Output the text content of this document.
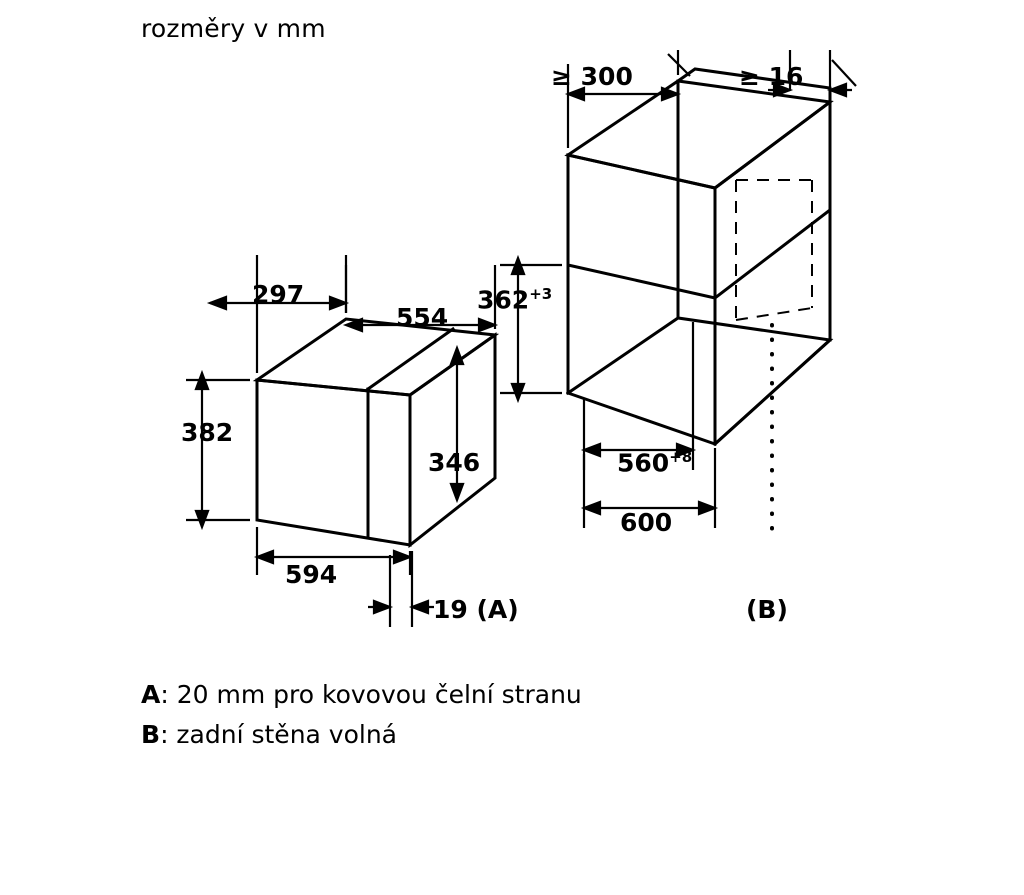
rozměry v mm
297
554
382
346
594
19 (A)
≥ 300	≥ 16
$362^{+3}$
$560^{+8}$
600
(B)
A: 20 mm pro kovovou čelní stranu
B: zadní stěna volná
